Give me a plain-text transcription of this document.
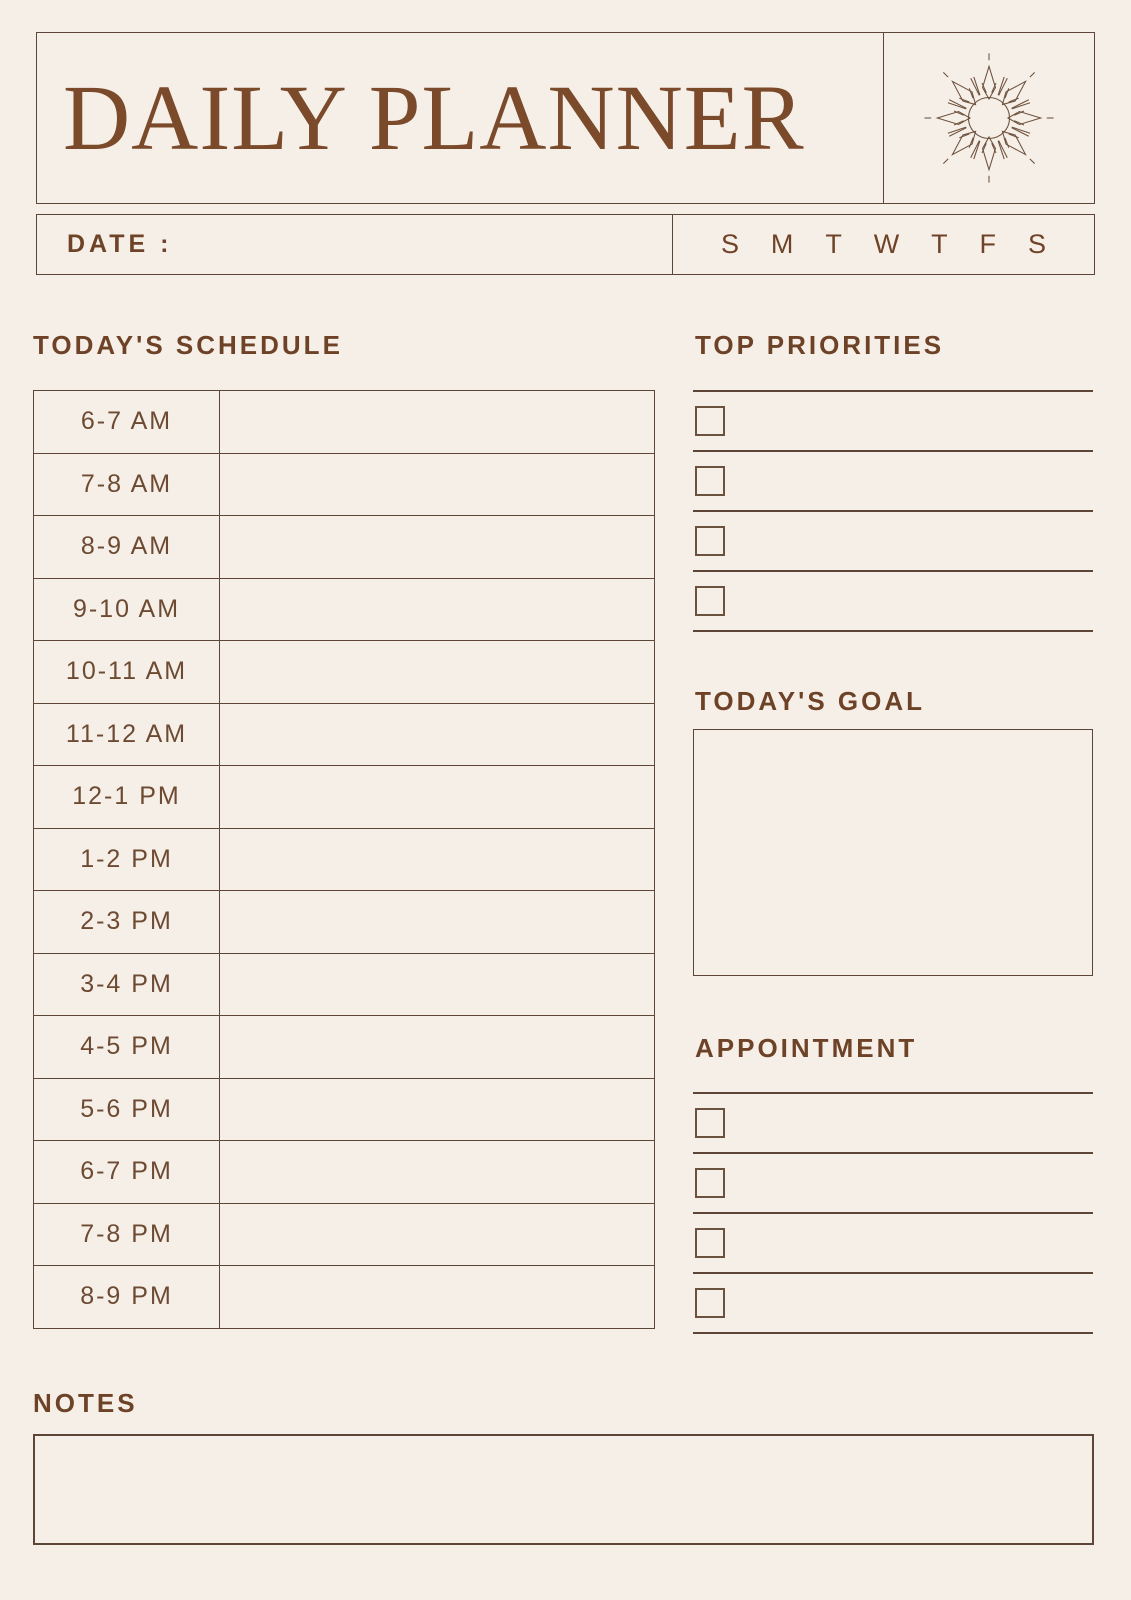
DAILY PLANNER
DATE :	S M T W T F S
TODAY'S SCHEDULE
6-7 AM
7-8 AM
8-9 AM
9-10 AM
10-11 AM
11-12 AM
12-1 PM
1-2 PM
2-3 PM
3-4 PM
4-5 PM
5-6 PM
6-7 PM
7-8 PM
8-9 PM
TOP PRIORITIES
TODAY'S GOAL
APPOINTMENT
NOTES
